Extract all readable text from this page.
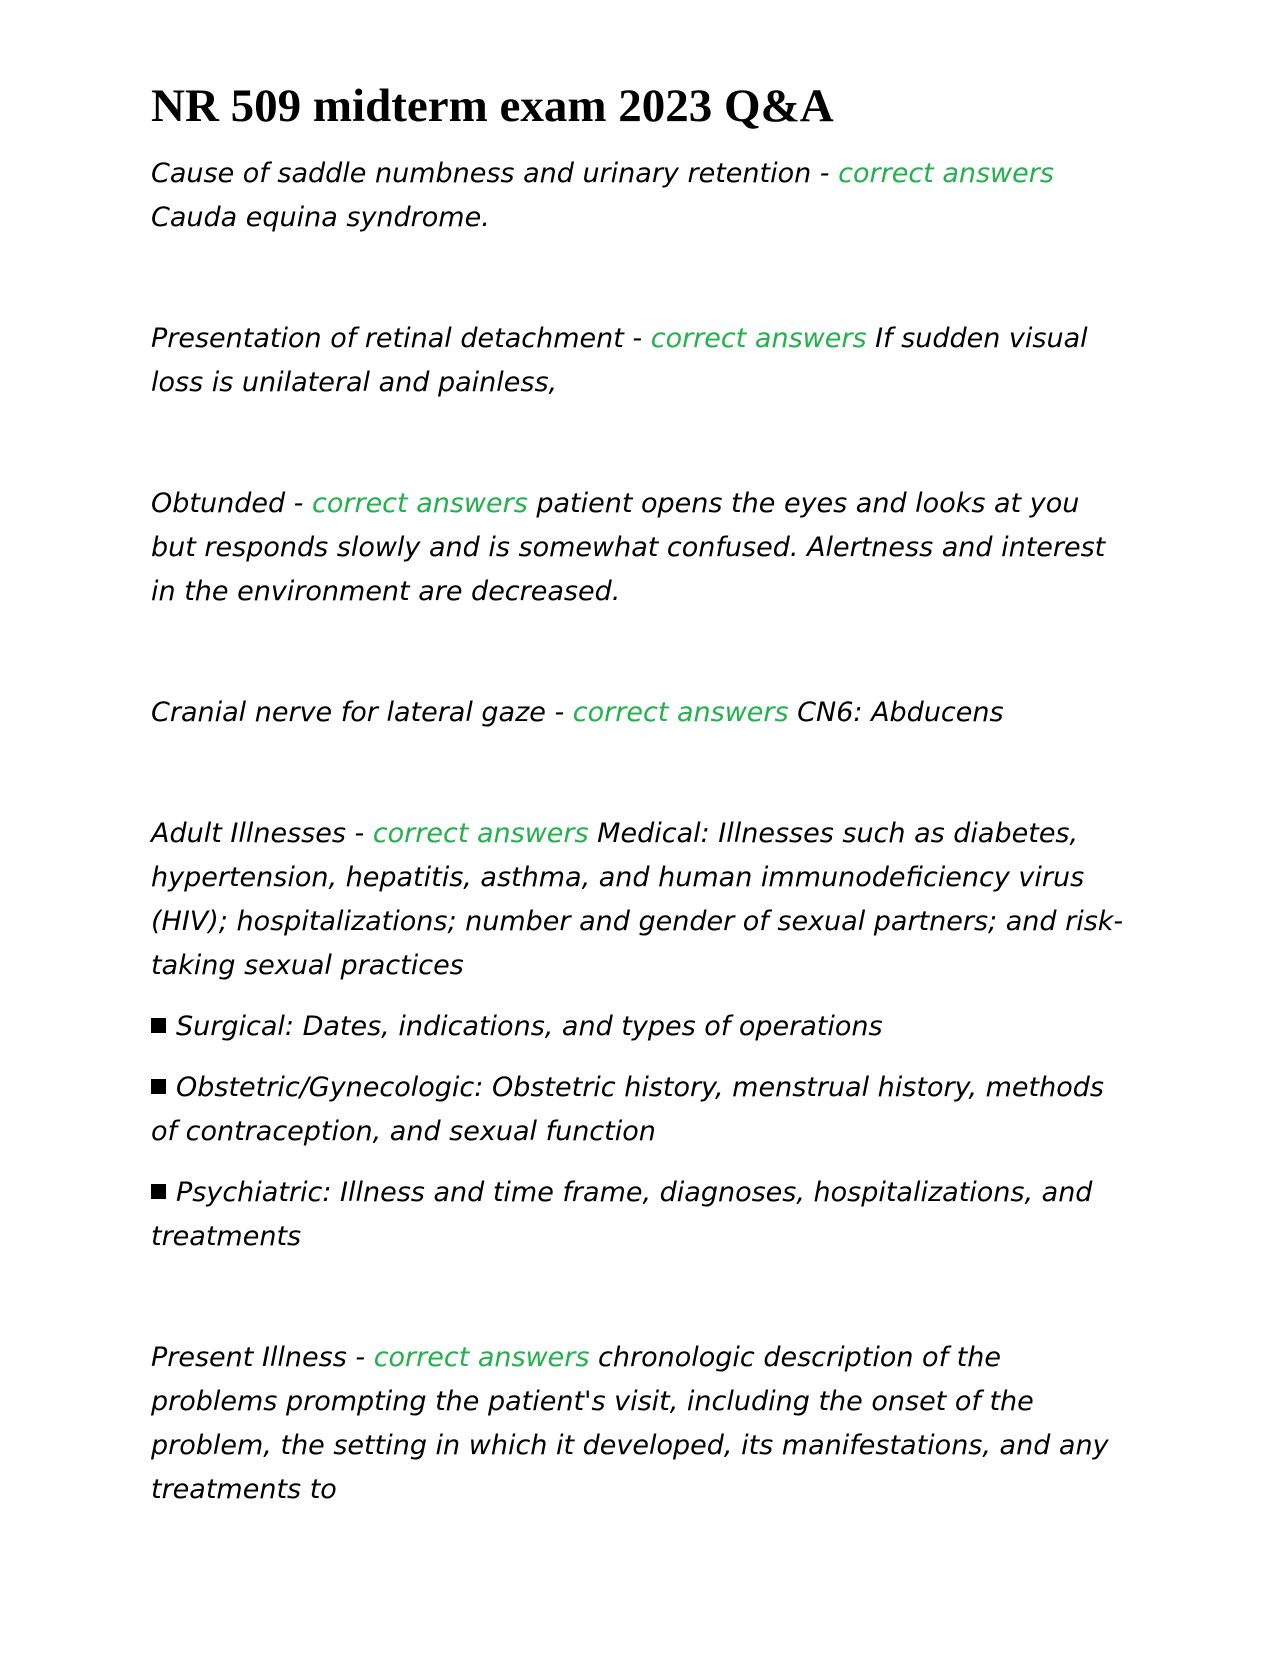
NR 509 midterm exam 2023 Q&A

Cause of saddle numbness and urinary retention - correct answers
Cauda equina syndrome.

Presentation of retinal detachment - correct answers If sudden visual loss is unilateral and painless,

Obtunded - correct answers patient opens the eyes and looks at you but responds slowly and is somewhat confused. Alertness and interest in the environment are decreased.

Cranial nerve for lateral gaze - correct answers CN6: Abducens

Adult Illnesses - correct answers Medical: Illnesses such as diabetes, hypertension, hepatitis, asthma, and human immunodeficiency virus (HIV); hospitalizations; number and gender of sexual partners; and risk-taking sexual practices

Surgical: Dates, indications, and types of operations

Obstetric/Gynecologic: Obstetric history, menstrual history, methods of contraception, and sexual function

Psychiatric: Illness and time frame, diagnoses, hospitalizations, and treatments

Present Illness - correct answers chronologic description of the problems prompting the patient's visit, including the onset of the problem, the setting in which it developed, its manifestations, and any treatments to
